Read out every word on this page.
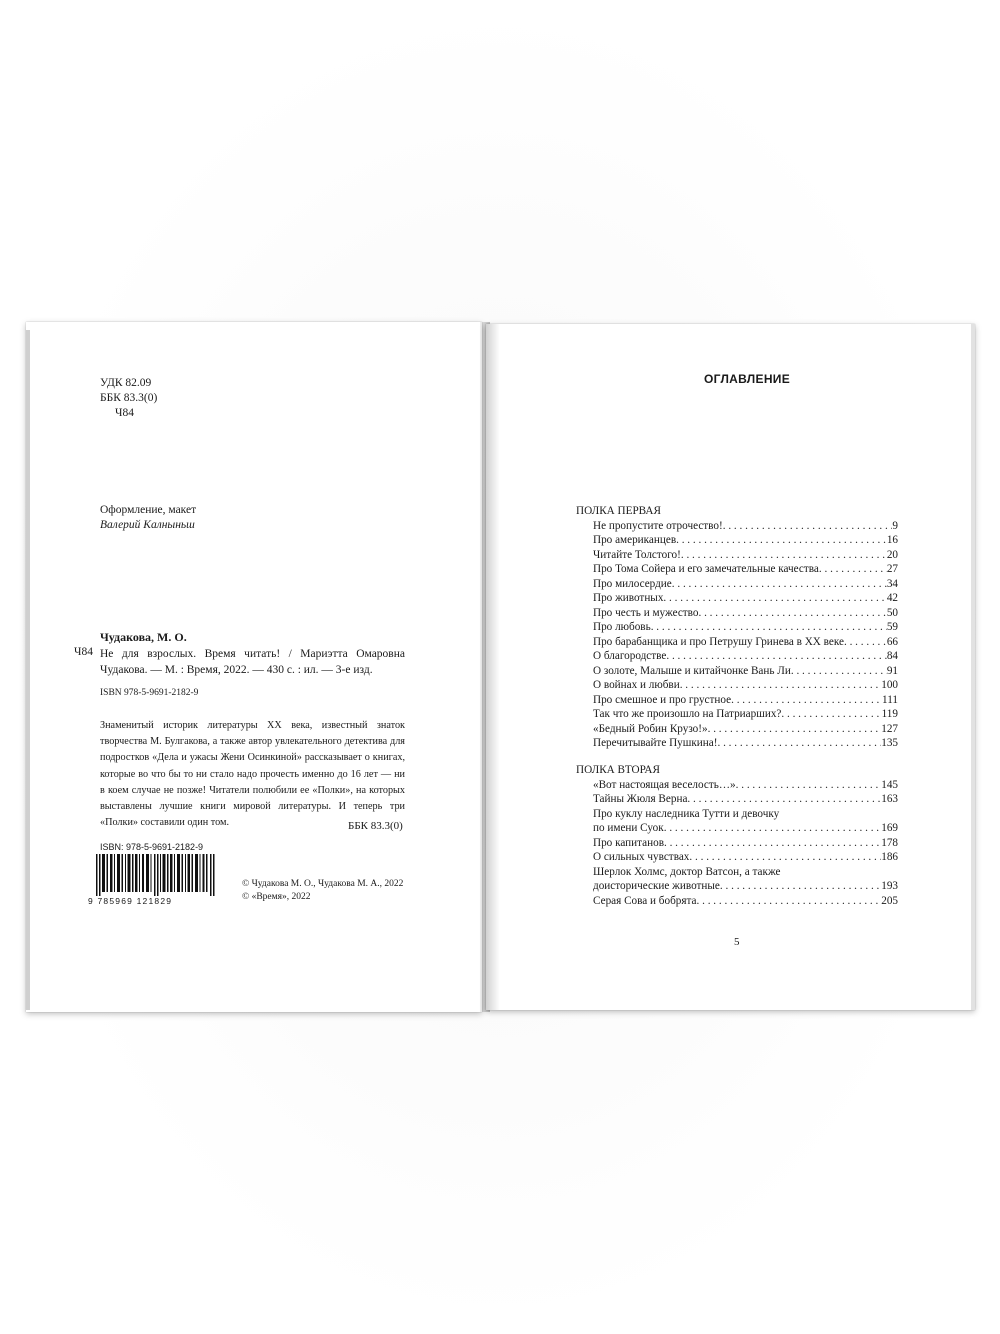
УДК 82.09
ББК 83.3(0)
Ч84
Оформление, макет
Валерий Калныньш
Чудакова, М. О.
Ч84 Не для взрослых. Время читать! / Мариэтта Омаровна Чудакова. — М. : Время, 2022. — 430 с. : ил. — 3-е изд.
ISBN 978-5-9691-2182-9
Знаменитый историк литературы XX века, известный знаток творчества М. Булгакова, а также автор увлекательного детектива для подростков «Дела и ужасы Жени Осинкиной» рассказывает о книгах, которые во что бы то ни стало надо прочесть именно до 16 лет — ни в коем случае не позже! Читатели полюбили ее «Полки», на которых выставлены лучшие книги мировой литературы. И теперь три «Полки» составили один том.	ББК 83.3(0)
ISBN: 978-5-9691-2182-9
9 785969 121829
© Чудакова М. О., Чудакова М. А., 2022
© «Время», 2022
ОГЛАВЛЕНИЕ
ПОЛКА ПЕРВАЯ
Не пропустите отрочество! . . .	9
Про американцев . . .	16
Читайте Толстого! . . .	20
Про Тома Сойера и его замечательные качества . . .	27
Про милосердие . . .	34
Про животных . . .	42
Про честь и мужество . . .	50
Про любовь . . .	59
Про барабанщика и про Петрушу Гринева в XX веке . . .	66
О благородстве . . .	84
О золоте, Малыше и китайчонке Вань Ли . . .	91
О войнах и любви . . .	100
Про смешное и про грустное . . .	111
Так что же произошло на Патриарших? . . .	119
«Бедный Робин Крузо!» . . .	127
Перечитывайте Пушкина! . . .	135
ПОЛКА ВТОРАЯ
«Вот настоящая веселость…» . . .	145
Тайны Жюля Верна . . .	163
Про куклу наследника Тутти и девочку
по имени Суок . . .	169
Про капитанов . . .	178
О сильных чувствах . . .	186
Шерлок Холмс, доктор Ватсон, а также
доисторические животные . . .	193
Серая Сова и бобрята . . .	205
5
